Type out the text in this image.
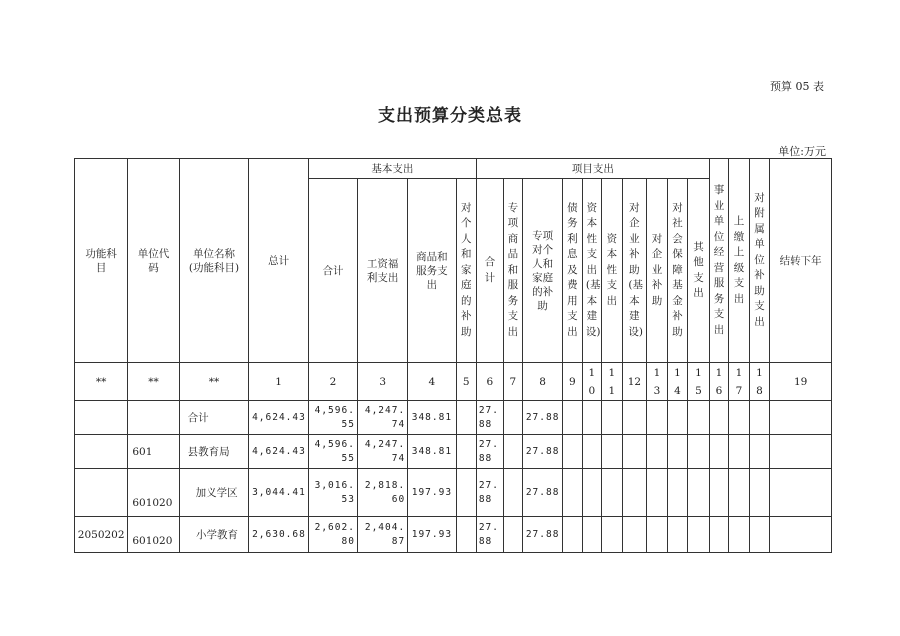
预算 05 表
支出预算分类总表
单位:万元
功能科目	单位代码	单位名称(功能科目)	总计	基本支出				项目支出										事业单位经营服务支出	上缴上级支出	对附属单位补助支出	结转下年
				合计	工资福利支出	商品和服务支出	对个人和家庭的补助	合计	专项商品和服务支出	专项对个人和家庭的补助	债务利息及费用支出	资本性支出(基本建设)	资本性支出	对企业补助(基本建设)	对企业补助	对社会保障基金补助	其他支出				

**	**	**	1	2	3	4	5	6	7	8	9	10	11	12	13	14	15	16	17	18	19
		合计	4,624.43	4,596.55	4,247.74	348.81		27.88		27.88											
	601	县教育局	4,624.43	4,596.55	4,247.74	348.81		27.88		27.88											
	601020	加义学区	3,044.41	3,016.53	2,818.60	197.93		27.88		27.88											
2050202	601020	小学教育	2,630.68	2,602.80	2,404.87	197.93		27.88		27.88											
